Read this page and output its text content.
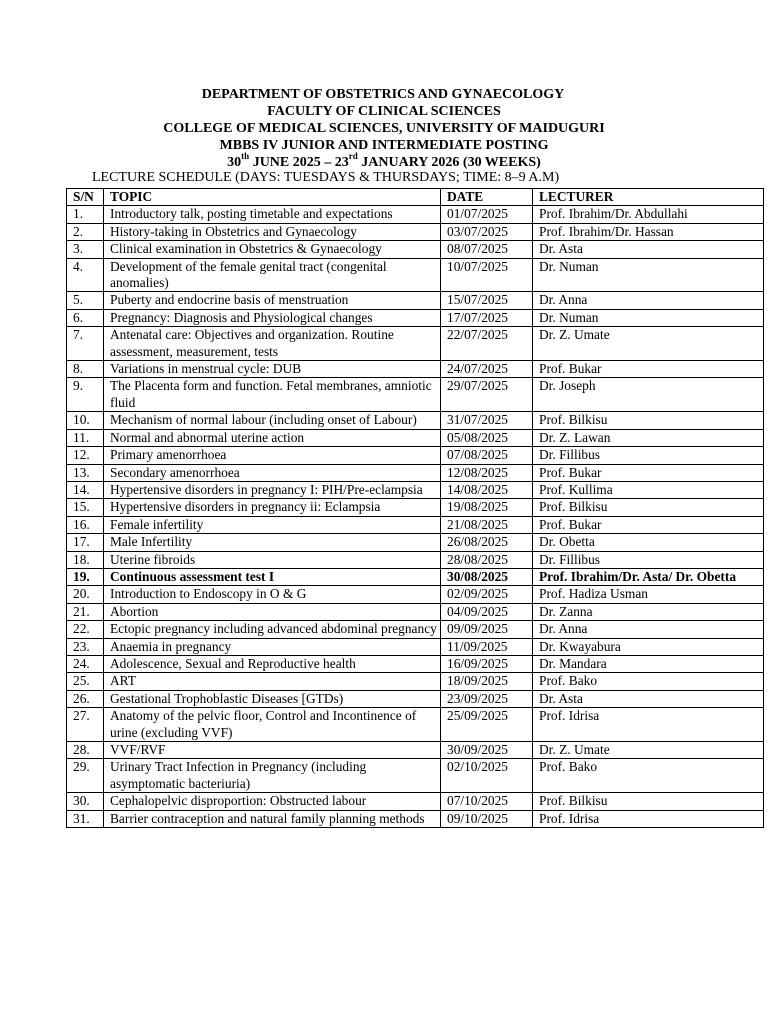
DEPARTMENT OF OBSTETRICS AND GYNAECOLOGY
FACULTY OF CLINICAL SCIENCES
COLLEGE OF MEDICAL SCIENCES, UNIVERSITY OF MAIDUGURI
MBBS IV JUNIOR AND INTERMEDIATE POSTING
30th JUNE 2025 – 23rd JANUARY 2026 (30 WEEKS)
LECTURE SCHEDULE (DAYS: TUESDAYS & THURSDAYS; TIME: 8–9 A.M)
S/N	TOPIC	DATE	LECTURER
1.	Introductory talk, posting timetable and expectations	01/07/2025	Prof. Ibrahim/Dr. Abdullahi
2.	History-taking in Obstetrics and Gynaecology	03/07/2025	Prof. Ibrahim/Dr. Hassan
3.	Clinical examination in Obstetrics & Gynaecology	08/07/2025	Dr. Asta
4.	Development of the female genital tract (congenital anomalies)	10/07/2025	Dr. Numan
5.	Puberty and endocrine basis of menstruation	15/07/2025	Dr. Anna
6.	Pregnancy: Diagnosis and Physiological changes	17/07/2025	Dr. Numan
7.	Antenatal care: Objectives and organization. Routine assessment, measurement, tests	22/07/2025	Dr. Z. Umate
8.	Variations in menstrual cycle: DUB	24/07/2025	Prof. Bukar
9.	The Placenta form and function. Fetal membranes, amniotic fluid	29/07/2025	Dr. Joseph
10.	Mechanism of normal labour (including onset of Labour)	31/07/2025	Prof. Bilkisu
11.	Normal and abnormal uterine action	05/08/2025	Dr. Z. Lawan
12.	Primary amenorrhoea	07/08/2025	Dr. Fillibus
13.	Secondary amenorrhoea	12/08/2025	Prof. Bukar
14.	Hypertensive disorders in pregnancy I: PIH/Pre-eclampsia	14/08/2025	Prof. Kullima
15.	Hypertensive disorders in pregnancy ii: Eclampsia	19/08/2025	Prof. Bilkisu
16.	Female infertility	21/08/2025	Prof. Bukar
17.	Male Infertility	26/08/2025	Dr. Obetta
18.	Uterine fibroids	28/08/2025	Dr. Fillibus
19.	Continuous assessment test I	30/08/2025	Prof. Ibrahim/Dr. Asta/ Dr. Obetta
20.	Introduction to Endoscopy in O & G	02/09/2025	Prof. Hadiza Usman
21.	Abortion	04/09/2025	Dr. Zanna
22.	Ectopic pregnancy including advanced abdominal pregnancy	09/09/2025	Dr. Anna
23.	Anaemia in pregnancy	11/09/2025	Dr. Kwayabura
24.	Adolescence, Sexual and Reproductive health	16/09/2025	Dr. Mandara
25.	ART	18/09/2025	Prof. Bako
26.	Gestational Trophoblastic Diseases [GTDs)	23/09/2025	Dr. Asta
27.	Anatomy of the pelvic floor, Control and Incontinence of urine (excluding VVF)	25/09/2025	Prof. Idrisa
28.	VVF/RVF	30/09/2025	Dr. Z. Umate
29.	Urinary Tract Infection in Pregnancy (including asymptomatic bacteriuria)	02/10/2025	Prof. Bako
30.	Cephalopelvic disproportion: Obstructed labour	07/10/2025	Prof. Bilkisu
31.	Barrier contraception and natural family planning methods	09/10/2025	Prof. Idrisa
